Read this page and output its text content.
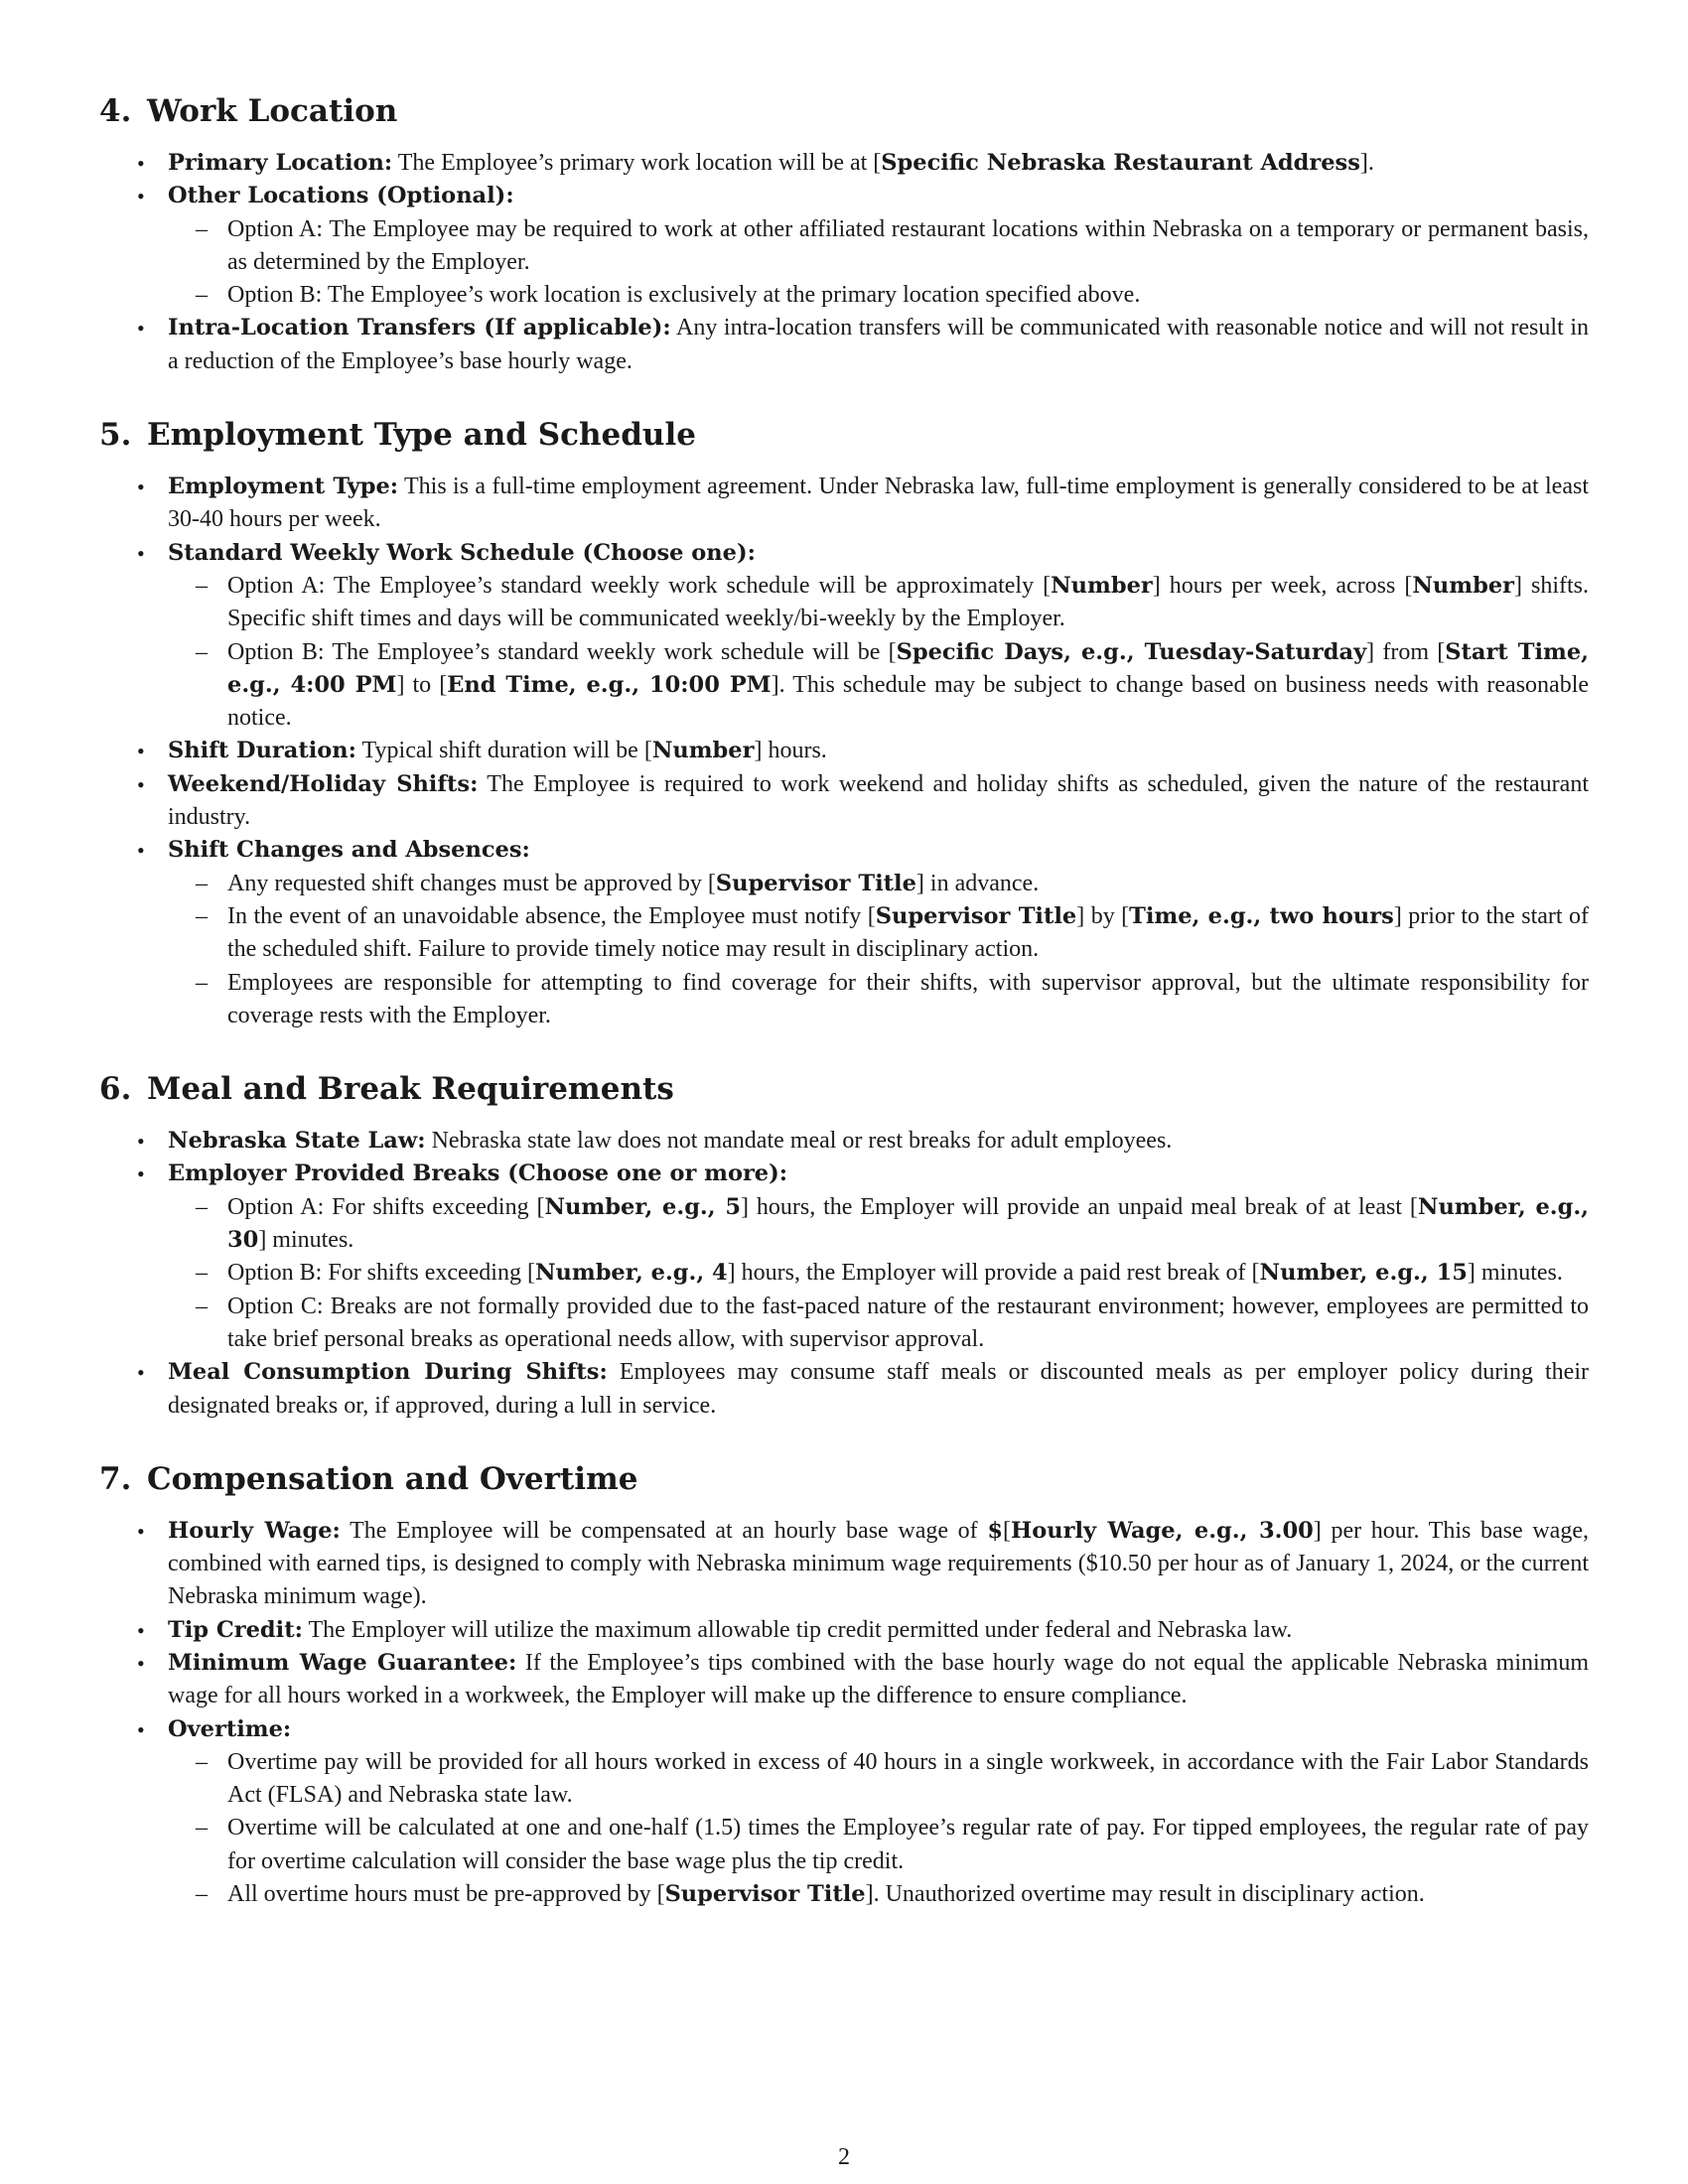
4. Work Location
• Primary Location: The Employee’s primary work location will be at [Specific Nebraska Restaurant Address].
• Other Locations (Optional):
– Option A: The Employee may be required to work at other affiliated restaurant locations within Nebraska on a temporary or permanent basis, as determined by the Employer.
– Option B: The Employee’s work location is exclusively at the primary location specified above.
• Intra-Location Transfers (If applicable): Any intra-location transfers will be communicated with reasonable notice and will not result in a reduction of the Employee’s base hourly wage.
5. Employment Type and Schedule
• Employment Type: This is a full-time employment agreement. Under Nebraska law, full-time employment is generally considered to be at least 30-40 hours per week.
• Standard Weekly Work Schedule (Choose one):
– Option A: The Employee’s standard weekly work schedule will be approximately [Number] hours per week, across [Number] shifts. Specific shift times and days will be communicated weekly/bi-weekly by the Employer.
– Option B: The Employee’s standard weekly work schedule will be [Specific Days, e.g., Tuesday-Saturday] from [Start Time, e.g., 4:00 PM] to [End Time, e.g., 10:00 PM]. This schedule may be subject to change based on business needs with reasonable notice.
• Shift Duration: Typical shift duration will be [Number] hours.
• Weekend/Holiday Shifts: The Employee is required to work weekend and holiday shifts as scheduled, given the nature of the restaurant industry.
• Shift Changes and Absences:
– Any requested shift changes must be approved by [Supervisor Title] in advance.
– In the event of an unavoidable absence, the Employee must notify [Supervisor Title] by [Time, e.g., two hours] prior to the start of the scheduled shift. Failure to provide timely notice may result in disciplinary action.
– Employees are responsible for attempting to find coverage for their shifts, with supervisor approval, but the ultimate responsibility for coverage rests with the Employer.
6. Meal and Break Requirements
• Nebraska State Law: Nebraska state law does not mandate meal or rest breaks for adult employees.
• Employer Provided Breaks (Choose one or more):
– Option A: For shifts exceeding [Number, e.g., 5] hours, the Employer will provide an unpaid meal break of at least [Number, e.g., 30] minutes.
– Option B: For shifts exceeding [Number, e.g., 4] hours, the Employer will provide a paid rest break of [Number, e.g., 15] minutes.
– Option C: Breaks are not formally provided due to the fast-paced nature of the restaurant environment; however, employees are permitted to take brief personal breaks as operational needs allow, with supervisor approval.
• Meal Consumption During Shifts: Employees may consume staff meals or discounted meals as per employer policy during their designated breaks or, if approved, during a lull in service.
7. Compensation and Overtime
• Hourly Wage: The Employee will be compensated at an hourly base wage of $[Hourly Wage, e.g., 3.00] per hour. This base wage, combined with earned tips, is designed to comply with Nebraska minimum wage requirements ($10.50 per hour as of January 1, 2024, or the current Nebraska minimum wage).
• Tip Credit: The Employer will utilize the maximum allowable tip credit permitted under federal and Nebraska law.
• Minimum Wage Guarantee: If the Employee’s tips combined with the base hourly wage do not equal the applicable Nebraska minimum wage for all hours worked in a workweek, the Employer will make up the difference to ensure compliance.
• Overtime:
– Overtime pay will be provided for all hours worked in excess of 40 hours in a single workweek, in accordance with the Fair Labor Standards Act (FLSA) and Nebraska state law.
– Overtime will be calculated at one and one-half (1.5) times the Employee’s regular rate of pay. For tipped employees, the regular rate of pay for overtime calculation will consider the base wage plus the tip credit.
– All overtime hours must be pre-approved by [Supervisor Title]. Unauthorized overtime may result in disciplinary action.
2
